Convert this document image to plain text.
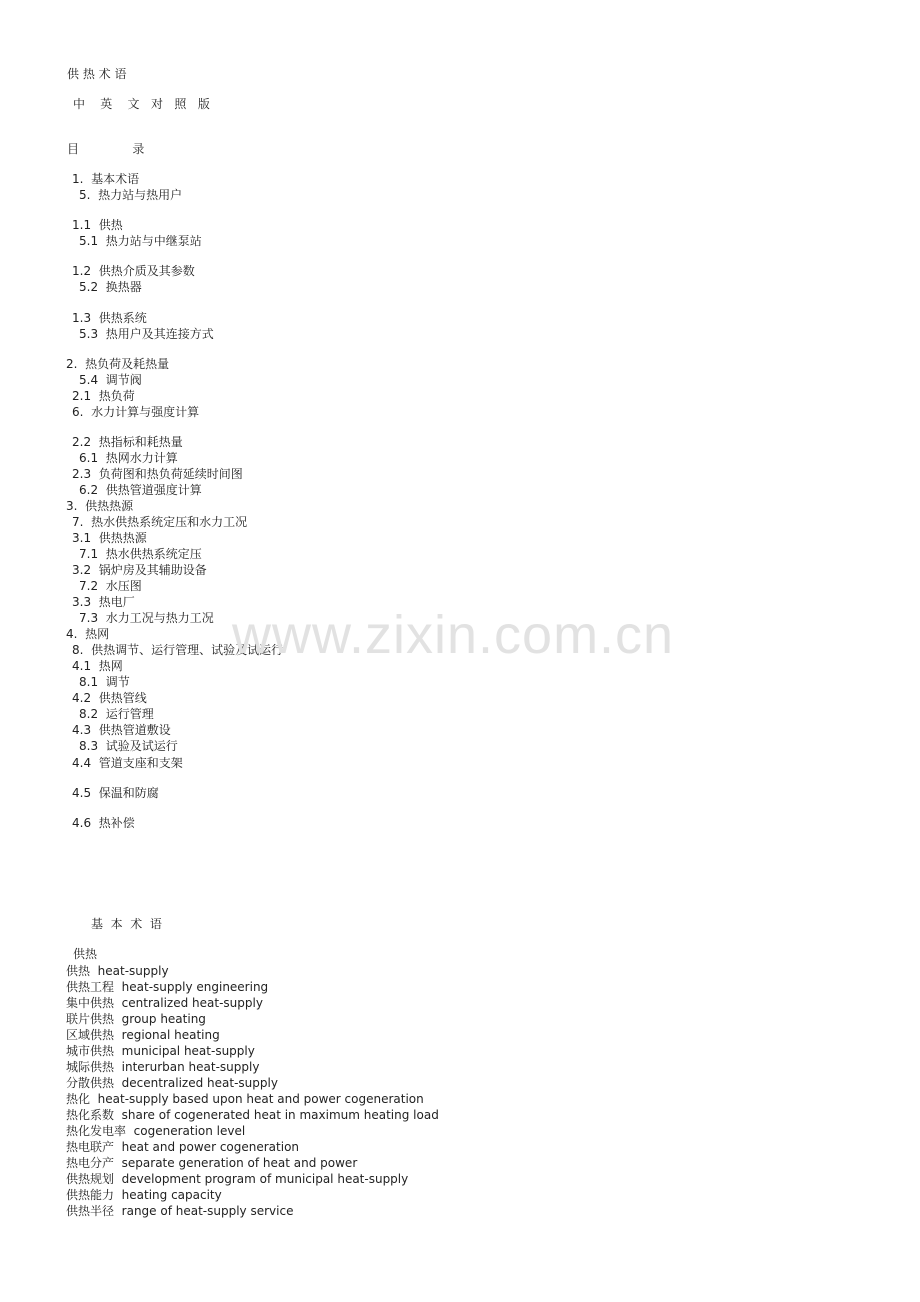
供 热 术 语
中    英    文   对   照   版
目              录
1.  基本术语
5.  热力站与热用户
1.1  供热
5.1  热力站与中继泵站
1.2  供热介质及其参数
5.2  换热器
1.3  供热系统
5.3  热用户及其连接方式
2.  热负荷及耗热量
5.4  调节阀
2.1  热负荷
6.  水力计算与强度计算
2.2  热指标和耗热量
6.1  热网水力计算
2.3  负荷图和热负荷延续时间图
6.2  供热管道强度计算
3.  供热热源
7.  热水供热系统定压和水力工况
3.1  供热热源
7.1  热水供热系统定压
3.2  锅炉房及其辅助设备
7.2  水压图
3.3  热电厂
7.3  水力工况与热力工况
4.  热网
8.  供热调节、运行管理、试验及试运行
4.1  热网
8.1  调节
4.2  供热管线
8.2  运行管理
4.3  供热管道敷设
8.3  试验及试运行
4.4  管道支座和支架
4.5  保温和防腐
4.6  热补偿
基  本  术  语
供热
供热 heat-supply
供热工程 heat-supply engineering
集中供热 centralized heat-supply
联片供热 group heating
区域供热 regional heating
城市供热 municipal heat-supply
城际供热 interurban heat-supply
分散供热 decentralized heat-supply
热化 heat-supply based upon heat and power cogeneration
热化系数 share of cogenerated heat in maximum heating load
热化发电率 cogeneration level
热电联产 heat and power cogeneration
热电分产 separate generation of heat and power
供热规划 development program of municipal heat-supply
供热能力 heating capacity
供热半径 range of heat-supply service
www.zixin.com.cn
